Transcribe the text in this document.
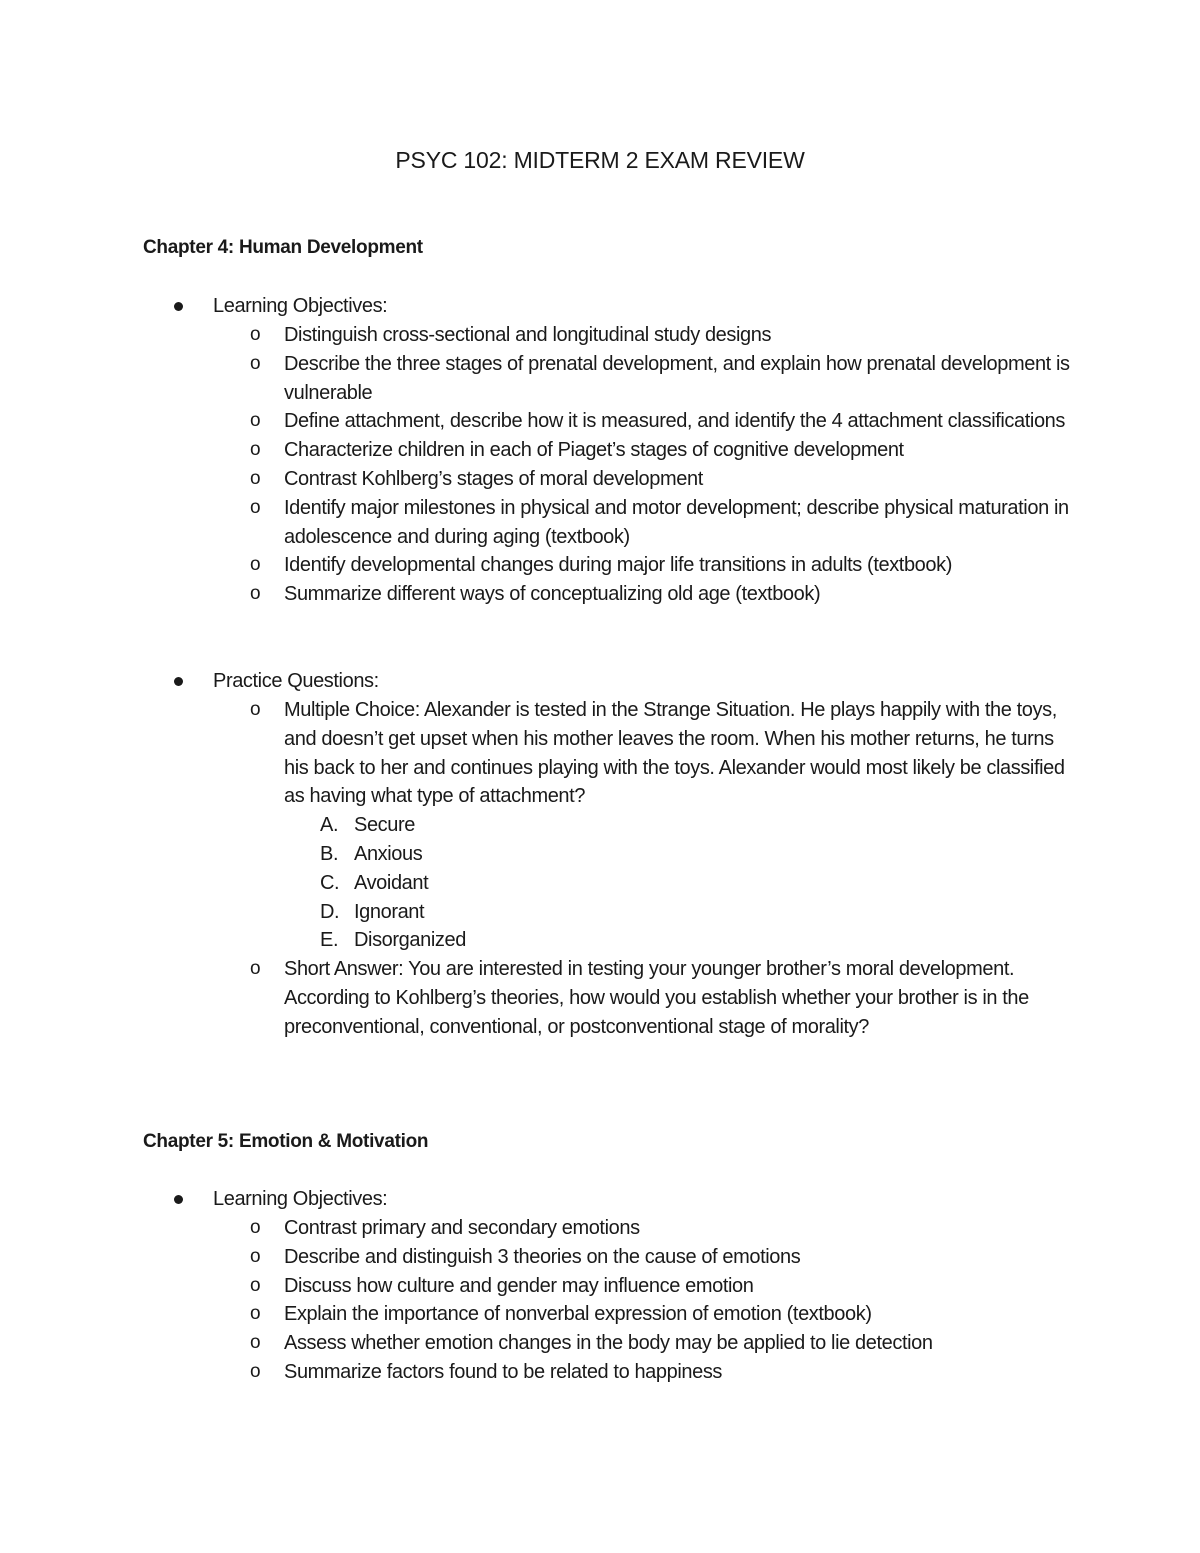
PSYC 102: MIDTERM 2 EXAM REVIEW
Chapter 4: Human Development
Learning Objectives:
o Distinguish cross-sectional and longitudinal study designs
o Describe the three stages of prenatal development, and explain how prenatal development is vulnerable
o Define attachment, describe how it is measured, and identify the 4 attachment classifications
o Characterize children in each of Piaget’s stages of cognitive development
o Contrast Kohlberg’s stages of moral development
o Identify major milestones in physical and motor development; describe physical maturation in adolescence and during aging (textbook)
o Identify developmental changes during major life transitions in adults (textbook)
o Summarize different ways of conceptualizing old age (textbook)
Practice Questions:
o Multiple Choice: Alexander is tested in the Strange Situation. He plays happily with the toys, and doesn’t get upset when his mother leaves the room. When his mother returns, he turns his back to her and continues playing with the toys. Alexander would most likely be classified as having what type of attachment?
A. Secure
B. Anxious
C. Avoidant
D. Ignorant
E. Disorganized
o Short Answer: You are interested in testing your younger brother’s moral development. According to Kohlberg’s theories, how would you establish whether your brother is in the preconventional, conventional, or postconventional stage of morality?
Chapter 5: Emotion & Motivation
Learning Objectives:
o Contrast primary and secondary emotions
o Describe and distinguish 3 theories on the cause of emotions
o Discuss how culture and gender may influence emotion
o Explain the importance of nonverbal expression of emotion (textbook)
o Assess whether emotion changes in the body may be applied to lie detection
o Summarize factors found to be related to happiness
